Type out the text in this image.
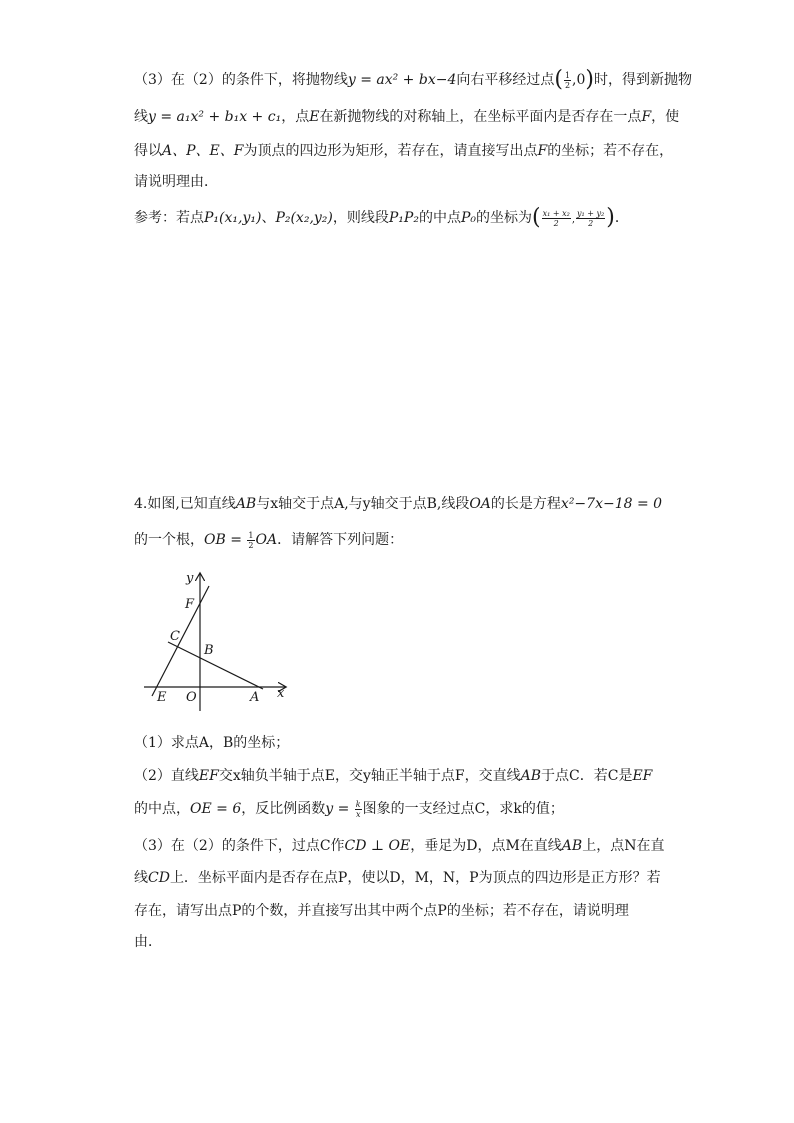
（3）在（2）的条件下，将抛物线y = ax² + bx−4向右平移经过点( $\frac{1}{2} ,0$)时，得到新抛物
线y = a₁x² + b₁x + c₁，点E在新抛物线的对称轴上，在坐标平面内是否存在一点F，使
得以A、P、E、F为顶点的四边形为矩形，若存在，请直接写出点F的坐标；若不存在，
请说明理由．
参考：若点P₁(x₁,y₁)、P₂(x₂,y₂)，则线段P₁P₂的中点P₀的坐标为( $\frac{\text{x₁ + x₂}}{2}$ , $\frac{\text{y₁ + y₂}}{2}$ )．
4.如图,已知直线AB与x轴交于点A,与y轴交于点B,线段OA的长是方程x²−7x−18 = 0
的一个根，OB = $\frac{1}{2}$ OA．请解答下列问题：
y
x
F
C
B
E O	A
（1）求点A，B的坐标；
（2）直线EF交x轴负半轴于点E，交y轴正半轴于点F，交直线AB于点C．若C是EF
的中点，OE = 6，反比例函数$y = \frac{k}{x}$ 图象的一支经过点C，求k的值；
（3）在（2）的条件下，过点C作CD ⊥ OE，垂足为D，点M在直线AB上，点N在直
线CD上．坐标平面内是否存在点P，使以D，M，N，P为顶点的四边形是正方形？若
存在，请写出点P的个数，并直接写出其中两个点P的坐标；若不存在，请说明理
由．
